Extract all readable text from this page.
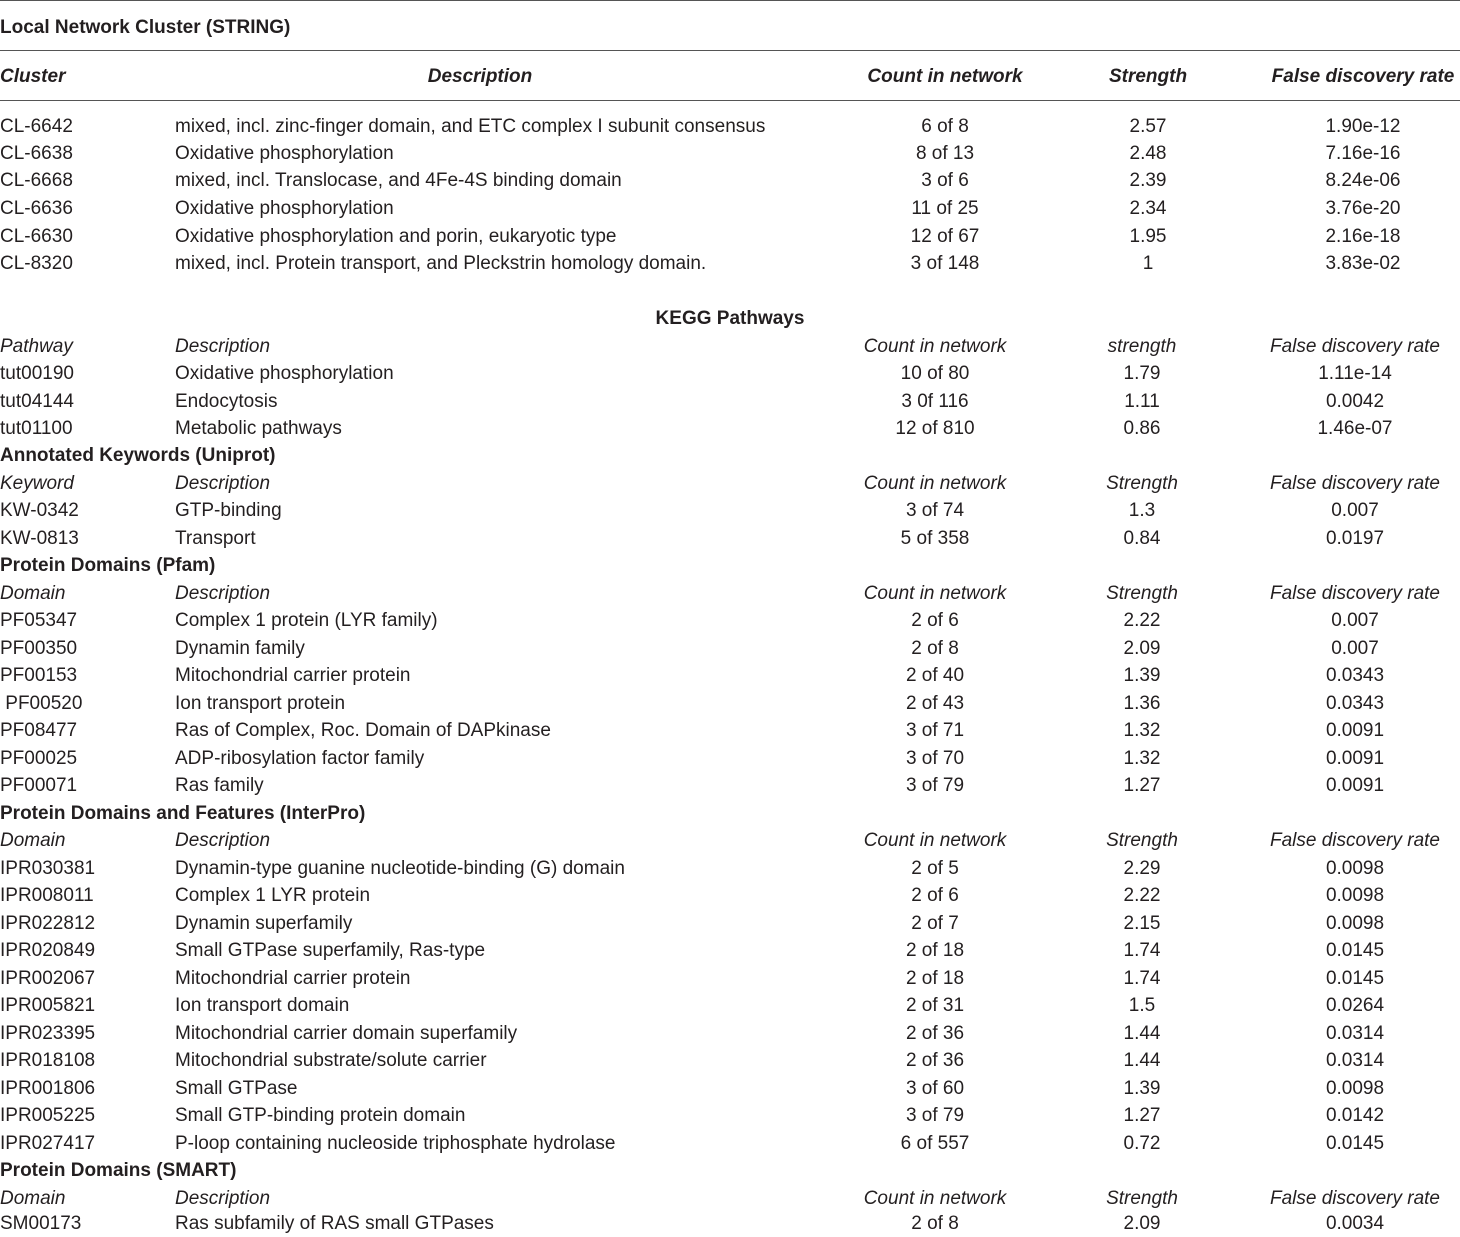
Local Network Cluster (STRING)
Cluster	Description	Count in network	Strength	False discovery rate
CL-6642	mixed, incl. zinc-finger domain, and ETC complex I subunit consensus	6 of 8	2.57	1.90e-12
CL-6638	Oxidative phosphorylation	8 of 13	2.48	7.16e-16
CL-6668	mixed, incl. Translocase, and 4Fe-4S binding domain	3 of 6	2.39	8.24e-06
CL-6636	Oxidative phosphorylation	11 of 25	2.34	3.76e-20
CL-6630	Oxidative phosphorylation and porin, eukaryotic type	12 of 67	1.95	2.16e-18
CL-8320	mixed, incl. Protein transport, and Pleckstrin homology domain.	3 of 148	1	3.83e-02
KEGG Pathways
Pathway	Description	Count in network	strength	False discovery rate
tut00190	Oxidative phosphorylation	10 of 80	1.79	1.11e-14
tut04144	Endocytosis	3 0f 116	1.11	0.0042
tut01100	Metabolic pathways	12 of 810	0.86	1.46e-07
Annotated Keywords (Uniprot)
Keyword	Description	Count in network	Strength	False discovery rate
KW-0342	GTP-binding	3 of 74	1.3	0.007
KW-0813	Transport	5 of 358	0.84	0.0197
Protein Domains (Pfam)
Domain	Description	Count in network	Strength	False discovery rate
PF05347	Complex 1 protein (LYR family)	2 of 6	2.22	0.007
PF00350	Dynamin family	2 of 8	2.09	0.007
PF00153	Mitochondrial carrier protein	2 of 40	1.39	0.0343
PF00520	Ion transport protein	2 of 43	1.36	0.0343
PF08477	Ras of Complex, Roc. Domain of DAPkinase	3 of 71	1.32	0.0091
PF00025	ADP-ribosylation factor family	3 of 70	1.32	0.0091
PF00071	Ras family	3 of 79	1.27	0.0091
Protein Domains and Features (InterPro)
Domain	Description	Count in network	Strength	False discovery rate
IPR030381	Dynamin-type guanine nucleotide-binding (G) domain	2 of 5	2.29	0.0098
IPR008011	Complex 1 LYR protein	2 of 6	2.22	0.0098
IPR022812	Dynamin superfamily	2 of 7	2.15	0.0098
IPR020849	Small GTPase superfamily, Ras-type	2 of 18	1.74	0.0145
IPR002067	Mitochondrial carrier protein	2 of 18	1.74	0.0145
IPR005821	Ion transport domain	2 of 31	1.5	0.0264
IPR023395	Mitochondrial carrier domain superfamily	2 of 36	1.44	0.0314
IPR018108	Mitochondrial substrate/solute carrier	2 of 36	1.44	0.0314
IPR001806	Small GTPase	3 of 60	1.39	0.0098
IPR005225	Small GTP-binding protein domain	3 of 79	1.27	0.0142
IPR027417	P-loop containing nucleoside triphosphate hydrolase	6 of 557	0.72	0.0145
Protein Domains (SMART)
Domain	Description	Count in network	Strength	False discovery rate
SM00173	Ras subfamily of RAS small GTPases	2 of 8	2.09	0.0034
